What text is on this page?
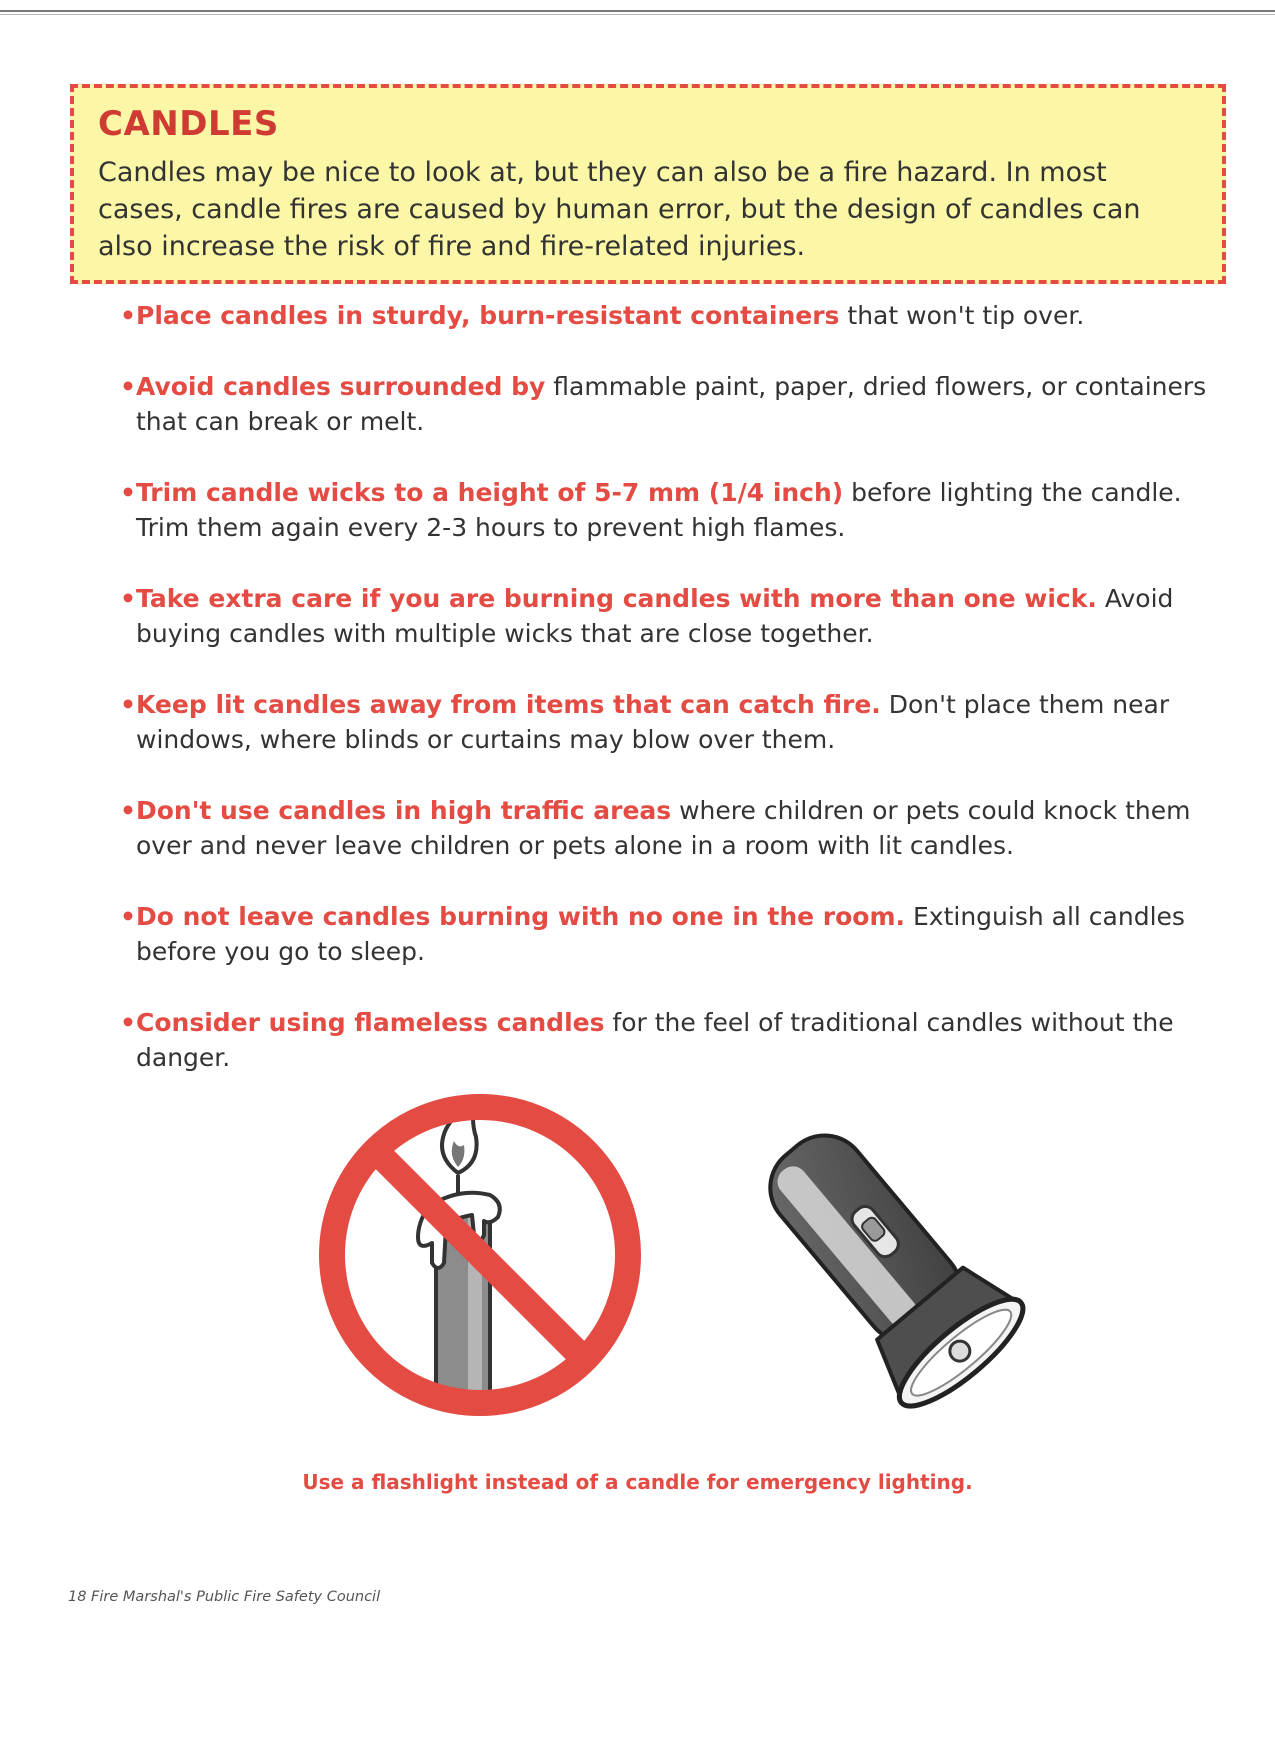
CANDLES

Candles may be nice to look at, but they can also be a fire hazard. In most cases, candle fires are caused by human error, but the design of candles can also increase the risk of fire and fire-related injuries.

• Place candles in sturdy, burn-resistant containers that won't tip over.
• Avoid candles surrounded by flammable paint, paper, dried flowers, or containers that can break or melt.
• Trim candle wicks to a height of 5-7 mm (1/4 inch) before lighting the candle. Trim them again every 2-3 hours to prevent high flames.
• Take extra care if you are burning candles with more than one wick. Avoid buying candles with multiple wicks that are close together.
• Keep lit candles away from items that can catch fire. Don't place them near windows, where blinds or curtains may blow over them.
• Don't use candles in high traffic areas where children or pets could knock them over and never leave children or pets alone in a room with lit candles.
• Do not leave candles burning with no one in the room. Extinguish all candles before you go to sleep.
• Consider using flameless candles for the feel of traditional candles without the danger.
Use a flashlight instead of a candle for emergency lighting.
18 Fire Marshal's Public Fire Safety Council
